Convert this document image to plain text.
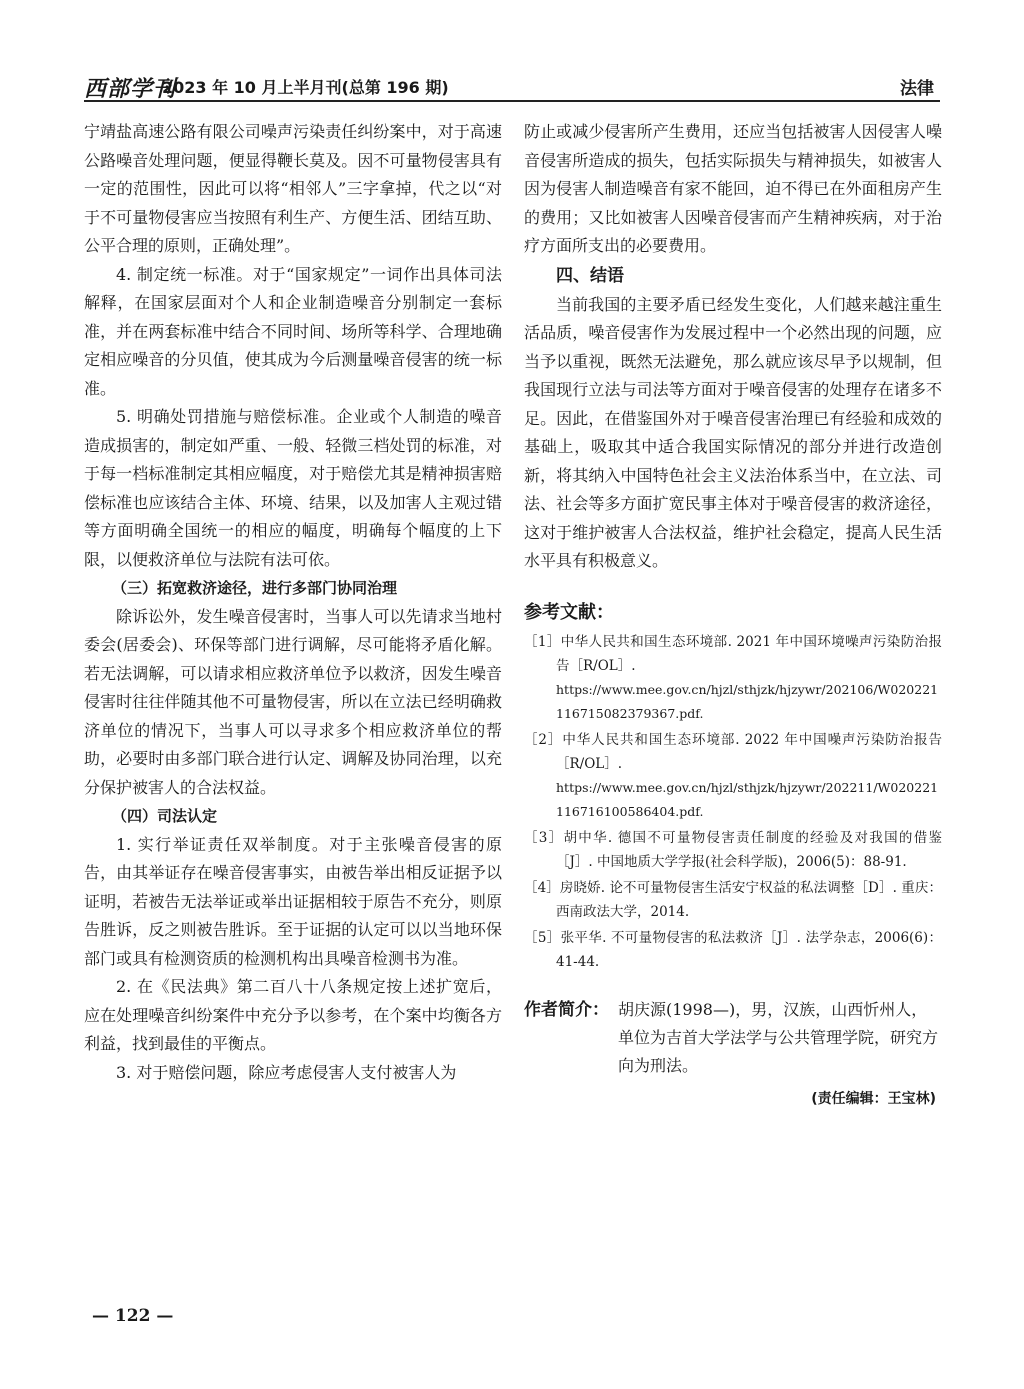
西部学刊
2023 年 10 月上半月刊(总第 196 期)	法律

宁靖盐高速公路有限公司噪声污染责任纠纷案中，对于高速公路噪音处理问题，便显得鞭长莫及。因不可量物侵害具有一定的范围性，因此可以将“相邻人”三字拿掉，代之以“对于不可量物侵害应当按照有利生产、方便生活、团结互助、公平合理的原则，正确处理”。

4. 制定统一标准。对于“国家规定”一词作出具体司法解释，在国家层面对个人和企业制造噪音分别制定一套标准，并在两套标准中结合不同时间、场所等科学、合理地确定相应噪音的分贝值，使其成为今后测量噪音侵害的统一标准。

5. 明确处罚措施与赔偿标准。企业或个人制造的噪音造成损害的，制定如严重、一般、轻微三档处罚的标准，对于每一档标准制定其相应幅度，对于赔偿尤其是精神损害赔偿标准也应该结合主体、环境、结果，以及加害人主观过错等方面明确全国统一的相应的幅度，明确每个幅度的上下限，以便救济单位与法院有法可依。

（三）拓宽救济途径，进行多部门协同治理

除诉讼外，发生噪音侵害时，当事人可以先请求当地村委会(居委会)、环保等部门进行调解，尽可能将矛盾化解。若无法调解，可以请求相应救济单位予以救济，因发生噪音侵害时往往伴随其他不可量物侵害，所以在立法已经明确救济单位的情况下，当事人可以寻求多个相应救济单位的帮助，必要时由多部门联合进行认定、调解及协同治理，以充分保护被害人的合法权益。

（四）司法认定

1. 实行举证责任双举制度。对于主张噪音侵害的原告，由其举证存在噪音侵害事实，由被告举出相反证据予以证明，若被告无法举证或举出证据相较于原告不充分，则原告胜诉，反之则被告胜诉。至于证据的认定可以以当地环保部门或具有检测资质的检测机构出具噪音检测书为准。

2. 在《民法典》第二百八十八条规定按上述扩宽后，应在处理噪音纠纷案件中充分予以参考，在个案中均衡各方利益，找到最佳的平衡点。

3. 对于赔偿问题，除应考虑侵害人支付被害人为

防止或减少侵害所产生费用，还应当包括被害人因侵害人噪音侵害所造成的损失，包括实际损失与精神损失，如被害人因为侵害人制造噪音有家不能回，迫不得已在外面租房产生的费用；又比如被害人因噪音侵害而产生精神疾病，对于治疗方面所支出的必要费用。

四、结语

当前我国的主要矛盾已经发生变化，人们越来越注重生活品质，噪音侵害作为发展过程中一个必然出现的问题，应当予以重视，既然无法避免，那么就应该尽早予以规制，但我国现行立法与司法等方面对于噪音侵害的处理存在诸多不足。因此，在借鉴国外对于噪音侵害治理已有经验和成效的基础上，吸取其中适合我国实际情况的部分并进行改造创新，将其纳入中国特色社会主义法治体系当中，在立法、司法、社会等多方面扩宽民事主体对于噪音侵害的救济途径，这对于维护被害人合法权益，维护社会稳定，提高人民生活水平具有积极意义。

参考文献：

［1］中华人民共和国生态环境部. 2021 年中国环境噪声污染防治报告［R/OL］.
https://www.mee.gov.cn/hjzl/sthjzk/hjzywr/202106/W020221116715082379367.pdf.

［2］中华人民共和国生态环境部. 2022 年中国噪声污染防治报告［R/OL］.
https://www.mee.gov.cn/hjzl/sthjzk/hjzywr/202211/W020221116716100586404.pdf.

［3］胡中华. 德国不可量物侵害责任制度的经验及对我国的借鉴［J］. 中国地质大学学报(社会科学版)，2006(5)：88-91.

［4］房晓娇. 论不可量物侵害生活安宁权益的私法调整［D］. 重庆：西南政法大学，2014.

［5］张平华. 不可量物侵害的私法救济［J］. 法学杂志，2006(6)：41-44.

作者简介： 胡庆源(1998—)，男，汉族，山西忻州人，单位为吉首大学法学与公共管理学院，研究方向为刑法。
(责任编辑：王宝林)
— 122 —
